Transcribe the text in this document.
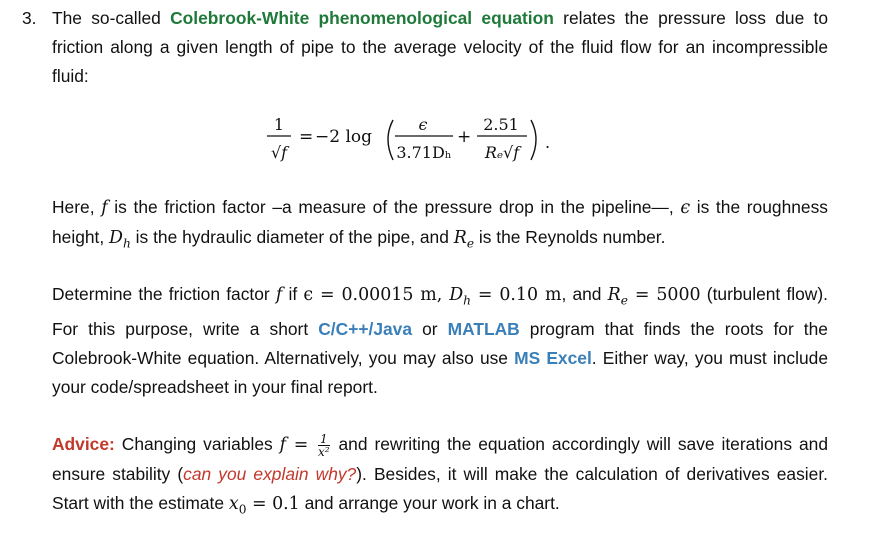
3. The so-called Colebrook-White phenomenological equation relates the pressure loss due to friction along a given length of pipe to the average velocity of the fluid flow for an incompressible fluid:
1
√f
= −2 log
ϵ
3.71Dₕ
+
2.51
Rₑ√f
.
Here, f is the friction factor –a measure of the pressure drop in the pipeline—, ϵ is the roughness height, $D_h$ is the hydraulic diameter of the pipe, and $R_e$ is the Reynolds number.
Determine the friction factor f if ϵ = 0.00015 m, $D_h = 0.10$ m, and $R_e = 5000$ (turbulent flow). For this purpose, write a short C/C++/Java or MATLAB program that finds the roots for the Colebrook-White equation. Alternatively, you may also use MS Excel. Either way, you must include your code/spreadsheet in your final report.
Advice: Changing variables $f = \frac{1}{\text{x²}}$ and rewriting the equation accordingly will save iterations and ensure stability (can you explain why?). Besides, it will make the calculation of derivatives easier. Start with the estimate $x_0 = 0.1$ and arrange your work in a chart.
